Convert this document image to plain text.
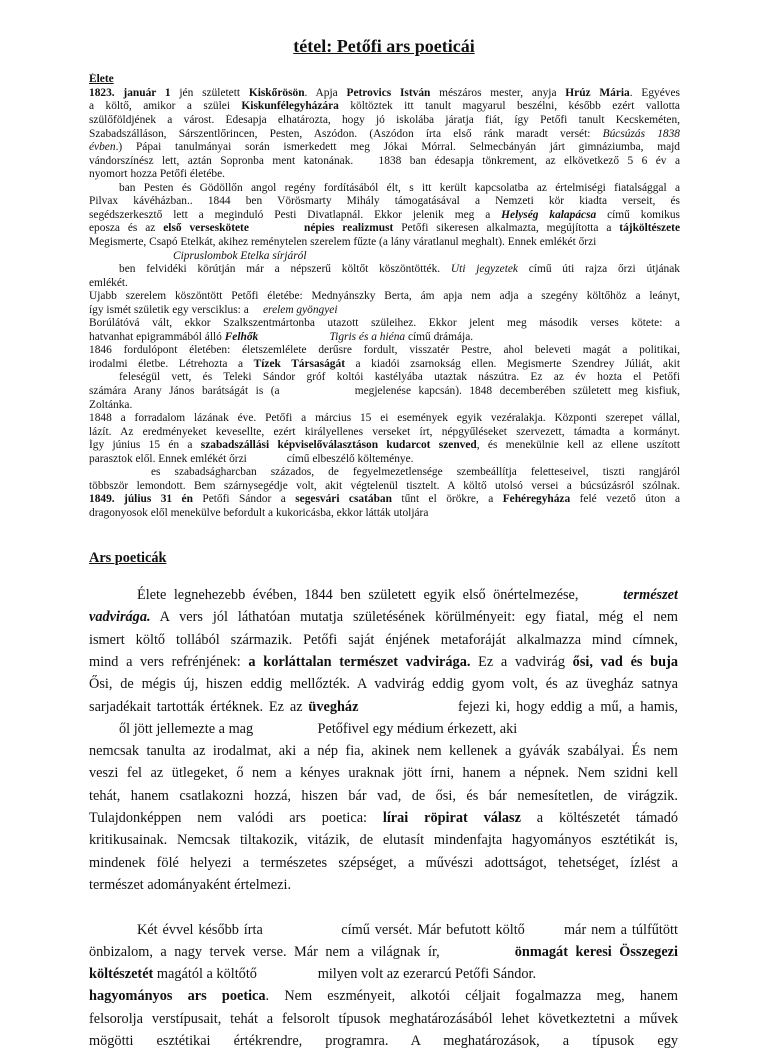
tétel: Petőfi ars poeticái
Élete
1823. január 1 jén született Kiskőrösön. Apja Petrovics István mészáros mester, anyja Hrúz Mária. Egyéves
a költő, amikor a szülei Kiskunfélegyházára költöztek itt tanult magyarul beszélni, később ezért vallotta
szülőföldjének a várost. Édesapja elhatározta, hogy jó iskolába járatja fiát, így Petőfi tanult Kecskeméten,
Szabadszálláson, Sárszentlőrincen, Pesten, Aszódon. (Aszódon írta első ránk maradt versét: Búcsúzás 1838
évben.) Pápai tanulmányai során ismerkedett meg Jókai Mórral. Selmecbányán járt gimnáziumba, majd
vándorszínész lett, aztán Sopronba ment katonának.   1838 ban édesapja tönkrement, az elkövetkező 5 6 év a
nyomort hozza Petőfi életébe.
ban Pesten és Gödöllőn angol regény fordításából élt, s itt került kapcsolatba az értelmiségi fiatalsággal a
Pilvax kávéházban.. 1844 ben Vörösmarty Mihály támogatásával a Nemzeti kör kiadta verseit, és
segédszerkesztő lett a meginduló Pesti Divatlapnál. Ekkor jelenik meg a Helység kalapácsa című komikus
eposza és az első verseskötete	népies realizmust Petőfi sikeresen alkalmazta, megújította a tájköltészete
Megismerte, Csapó Etelkát, akihez reménytelen szerelem fűzte (a lány váratlanul meghalt). Ennek emlékét őrzi
Cipruslombok Etelka sírjáról
ben felvidéki körútján már a népszerű költőt köszöntötték. Úti jegyzetek című úti rajza őrzi útjának
emlékét.
Újabb szerelem köszöntött Petőfi életébe: Mednyánszky Berta, ám apja nem adja a szegény költőhöz a leányt,
így ismét születik egy versciklus: a     erelem gyöngyei
Borúlátóvá vált, ekkor Szalkszentmártonba utazott szüleihez. Ekkor jelent meg második verses kötete: a
hatvanhat epigrammából álló Felhők	Tigris és a hiéna című drámája.
1846 fordulópont életében: életszemlélete derűsre fordult, visszatér Pestre, ahol beleveti magát a politikai,
irodalmi életbe. Létrehozta a Tízek Társaságát a kiadói zsarnokság ellen. Megismerte Szendrey Júliát, akit
feleségül vett, és Teleki Sándor gróf koltói kastélyába utaztak nászútra. Ez az év hozta el Petőfi
számára Arany János barátságát is (a          megjelenése kapcsán). 1848 decemberében született meg kisfiuk,
Zoltánka.
1848 a forradalom lázának éve. Petőfi a március 15 ei események egyik vezéralakja. Központi szerepet vállal,
lázít. Az eredményeket kevesellte, ezért királyellenes verseket írt, népgyűléseket szervezett, támadta a kormányt.
Így június 15 én a szabadszállási képviselőválasztáson kudarcot szenved, és menekülnie kell az ellene uszított
parasztok elől. Ennek emlékét őrzi              című elbeszélő költeménye.
es szabadságharcban százados, de fegyelmezetlensége szembeállítja feletteseivel, tiszti rangjáról
többször lemondott. Bem szárnysegédje volt, akit végtelenül tisztelt. A költő utolsó versei a búcsúzásról szólnak.
1849. július 31 én Petőfi Sándor a segesvári csatában tűnt el örökre, a Fehéregyháza felé vezető úton a
dragonyosok elől menekülve befordult a kukoricásba, ekkor látták utoljára
Ars poeticák
Élete legnehezebb évében, 1844 ben született egyik első önértelmezése,      természet
vadvirága. A vers jól láthatóan mutatja születésének körülményeit: egy fiatal, még el nem
ismert költő tollából származik. Petőfi saját énjének metaforáját alkalmazza mind címnek,
mind a vers refrénjének: a korláttalan természet vadvirága. Ez a vadvirág ősi, vad és buja
Ősi, de mégis új, hiszen eddig mellőzték. A vadvirág eddig gyom volt, és az üvegház satnya
sarjadékait tartották értéknek. Ez az üvegház                 fejezi ki, hogy eddig a mű, a hamis,
ől jött jellemezte a mag                  Petőfivel egy médium érkezett, aki
nemcsak tanulta az irodalmat, aki a nép fia, akinek nem kellenek a gyávák szabályai. És nem
veszi fel az ütlegeket, ő nem a kényes uraknak jött írni, hanem a népnek. Nem szidni kell
tehát, hanem csatlakozni hozzá, hiszen bár vad, de ősi, és bár nemesítetlen, de virágzik.
Tulajdonképpen nem valódi ars poetica: lírai röpirat válasz a költészetét támadó
kritikusainak. Nemcsak tiltakozik, vitázik, de elutasít mindenfajta hagyományos esztétikát is,
mindenek fölé helyezi a természetes szépséget, a művészi adottságot, tehetséget, ízlést a
természet adományaként értelmezi.
Két évvel később írta                című versét. Már befutott költő        már nem a túlfűtött
önbizalom, a nagy tervek verse. Már nem a világnak ír,          önmagát keresi Összegezi
költészetét magától a költőtő                 milyen volt az ezerarcú Petőfi Sándor.
hagyományos ars poetica. Nem eszményeit, alkotói céljait fogalmazza meg, hanem
felsorolja verstípusait, tehát a felsorolt típusok meghatározásából lehet következtetni a művek
mögötti esztétikai értékrendre, programra. A meghatározások, a típusok egy
